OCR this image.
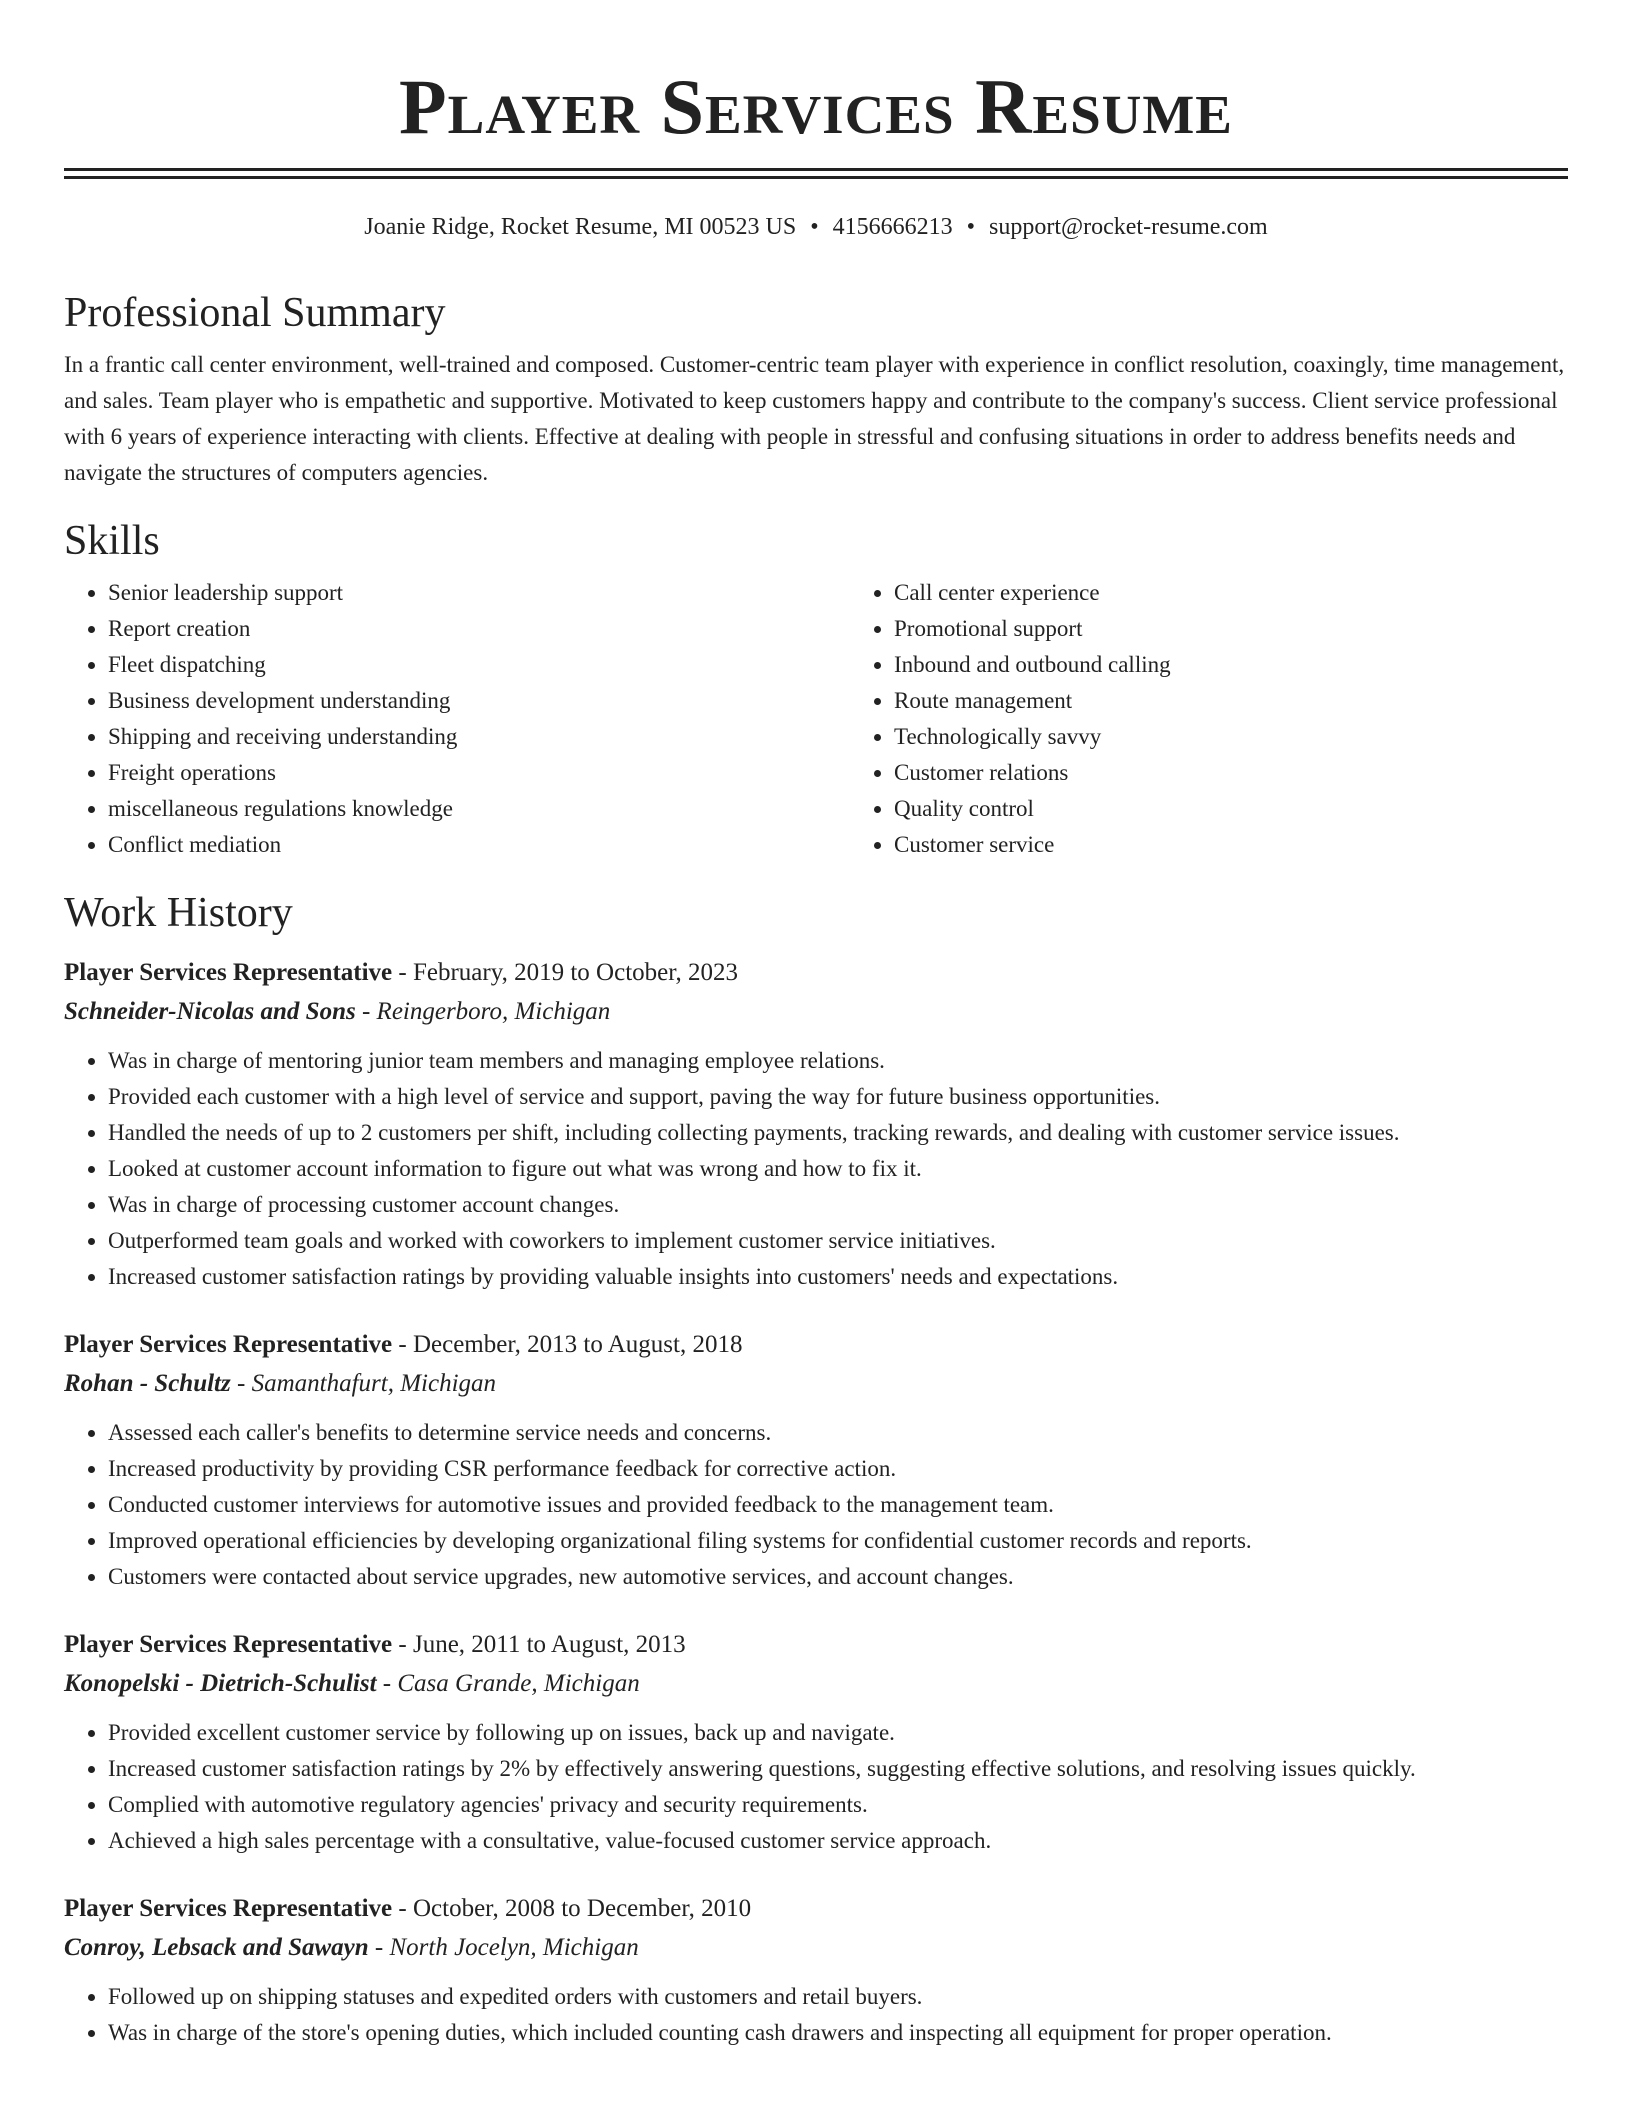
Player Services Resume
Joanie Ridge, Rocket Resume, MI 00523 US • 4156666213 • support@rocket-resume.com
Professional Summary

In a frantic call center environment, well-trained and composed. Customer-centric team player with experience in conflict resolution, coaxingly, time management, and sales. Team player who is empathetic and supportive. Motivated to keep customers happy and contribute to the company's success. Client service professional with 6 years of experience interacting with clients. Effective at dealing with people in stressful and confusing situations in order to address benefits needs and navigate the structures of computers agencies.

Skills
• Senior leadership support
• Report creation
• Fleet dispatching
• Business development understanding
• Shipping and receiving understanding
• Freight operations
• miscellaneous regulations knowledge
• Conflict mediation
• Call center experience
• Promotional support
• Inbound and outbound calling
• Route management
• Technologically savvy
• Customer relations
• Quality control
• Customer service
Work History

Player Services Representative - February, 2019 to October, 2023

Schneider-Nicolas and Sons - Reingerboro, Michigan

• Was in charge of mentoring junior team members and managing employee relations.
• Provided each customer with a high level of service and support, paving the way for future business opportunities.
• Handled the needs of up to 2 customers per shift, including collecting payments, tracking rewards, and dealing with customer service issues.
• Looked at customer account information to figure out what was wrong and how to fix it.
• Was in charge of processing customer account changes.
• Outperformed team goals and worked with coworkers to implement customer service initiatives.
• Increased customer satisfaction ratings by providing valuable insights into customers' needs and expectations.

Player Services Representative - December, 2013 to August, 2018

Rohan - Schultz - Samanthafurt, Michigan

• Assessed each caller's benefits to determine service needs and concerns.
• Increased productivity by providing CSR performance feedback for corrective action.
• Conducted customer interviews for automotive issues and provided feedback to the management team.
• Improved operational efficiencies by developing organizational filing systems for confidential customer records and reports.
• Customers were contacted about service upgrades, new automotive services, and account changes.

Player Services Representative - June, 2011 to August, 2013

Konopelski - Dietrich-Schulist - Casa Grande, Michigan

• Provided excellent customer service by following up on issues, back up and navigate.
• Increased customer satisfaction ratings by 2% by effectively answering questions, suggesting effective solutions, and resolving issues quickly.
• Complied with automotive regulatory agencies' privacy and security requirements.
• Achieved a high sales percentage with a consultative, value-focused customer service approach.

Player Services Representative - October, 2008 to December, 2010

Conroy, Lebsack and Sawayn - North Jocelyn, Michigan

• Followed up on shipping statuses and expedited orders with customers and retail buyers.
• Was in charge of the store's opening duties, which included counting cash drawers and inspecting all equipment for proper operation.
